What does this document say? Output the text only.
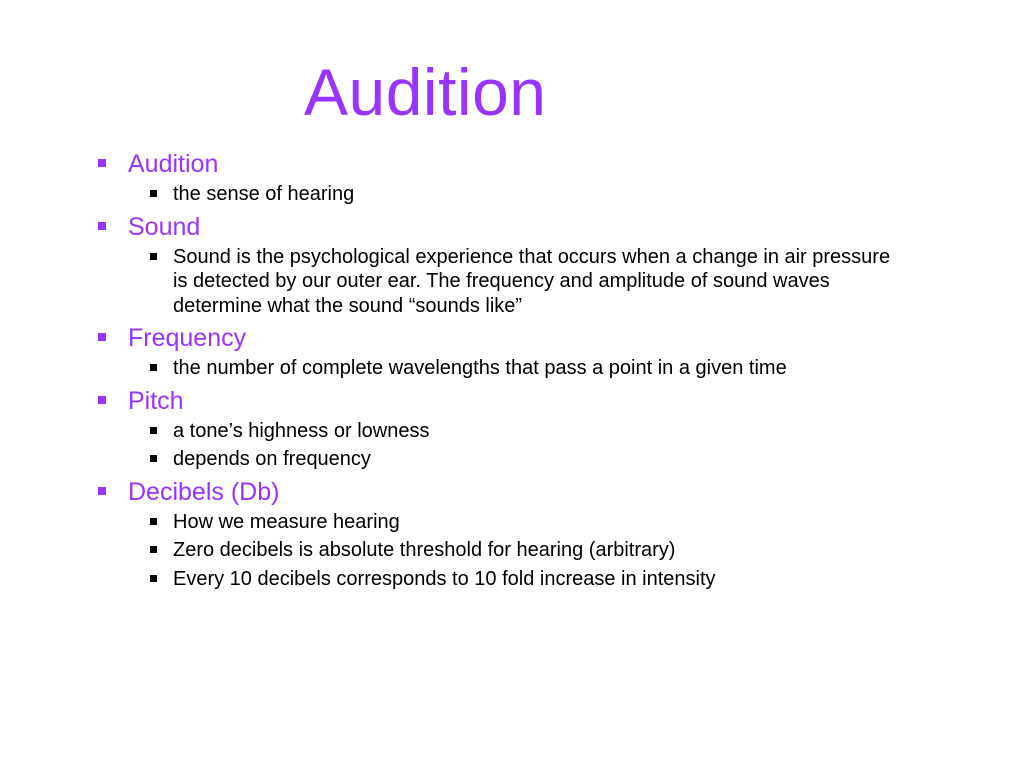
Audition
Audition
the sense of hearing
Sound
Sound is the psychological experience that occurs when a change in air pressure is detected by our outer ear. The frequency and amplitude of sound waves determine what the sound “sounds like”
Frequency
the number of complete wavelengths that pass a point in a given time
Pitch
a tone’s highness or lowness
depends on frequency
Decibels (Db)
How we measure hearing
Zero decibels is absolute threshold for hearing (arbitrary)
Every 10 decibels corresponds to 10 fold increase in intensity
